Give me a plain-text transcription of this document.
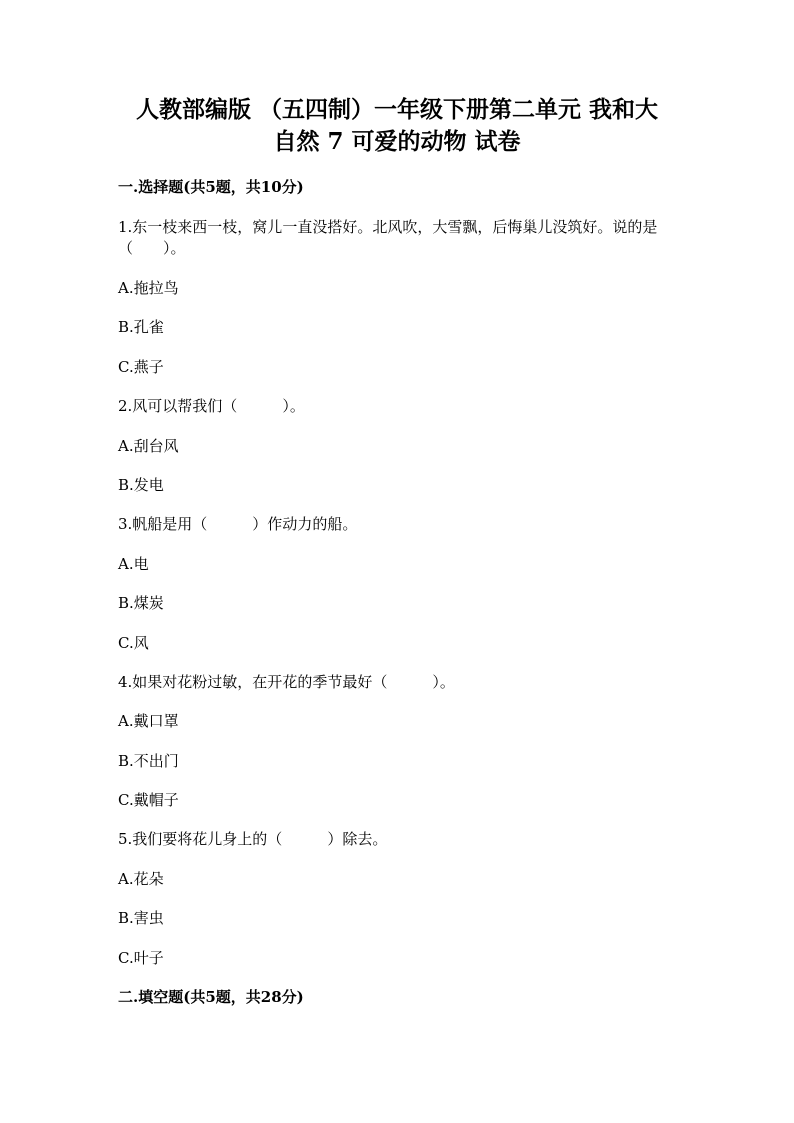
人教部编版 （五四制）一年级下册第二单元 我和大
自然 7 可爱的动物 试卷
一.选择题(共5题，共10分)
1.东一枝来西一枝，窝儿一直没搭好。北风吹，大雪飘，后悔巢儿没筑好。说的是（　　）。
A.拖拉鸟
B.孔雀
C.燕子
2.风可以帮我们（　　　）。
A.刮台风
B.发电
3.帆船是用（　　　）作动力的船。
A.电
B.煤炭
C.风
4.如果对花粉过敏，在开花的季节最好（　　　）。
A.戴口罩
B.不出门
C.戴帽子
5.我们要将花儿身上的（　　　）除去。
A.花朵
B.害虫
C.叶子
二.填空题(共5题，共28分)
